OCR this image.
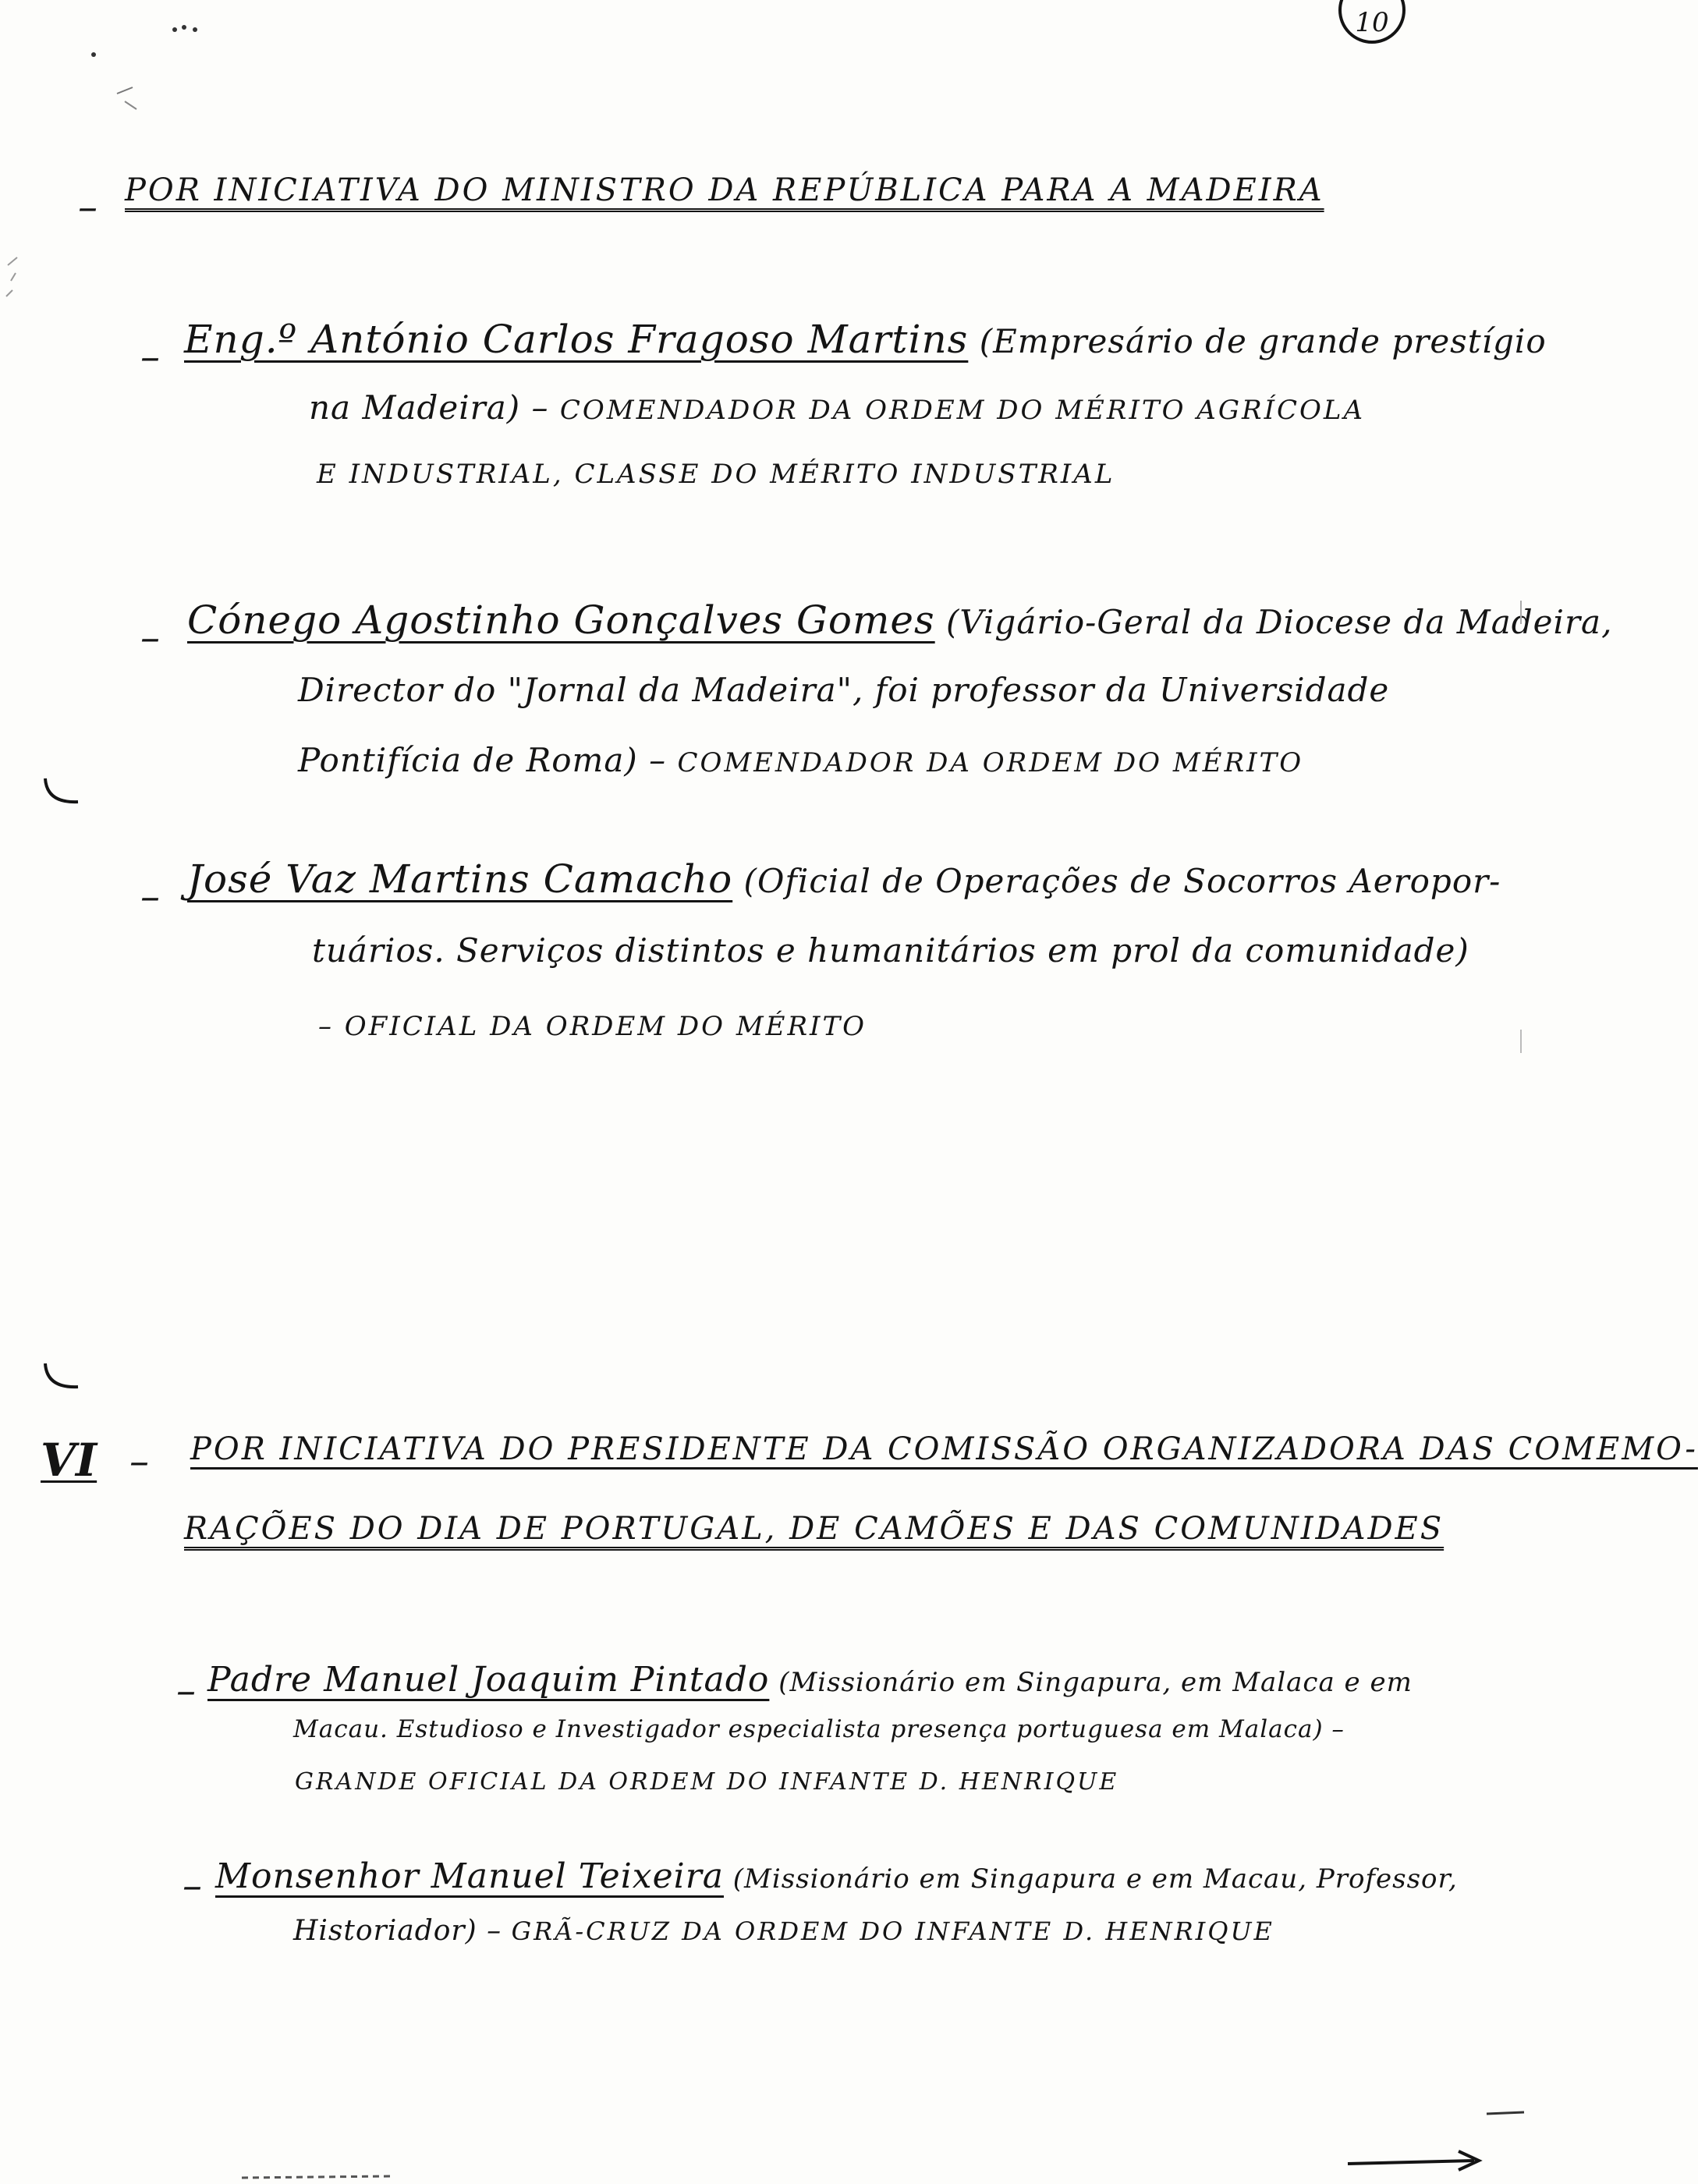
10
– POR INICIATIVA DO MINISTRO DA REPÚBLICA PARA A MADEIRA
– Eng.º António Carlos Fragoso Martins (Empresário de grande prestígio
na Madeira) – COMENDADOR DA ORDEM DO MÉRITO AGRÍCOLA
E INDUSTRIAL, CLASSE DO MÉRITO INDUSTRIAL
– Cónego Agostinho Gonçalves Gomes (Vigário-Geral da Diocese da Madeira,
Director do "Jornal da Madeira", foi professor da Universidade
Pontifícia de Roma) – COMENDADOR DA ORDEM DO MÉRITO
– José Vaz Martins Camacho (Oficial de Operações de Socorros Aeropor-
tuários. Serviços distintos e humanitários em prol da comunidade)
– OFICIAL DA ORDEM DO MÉRITO
VI – POR INICIATIVA DO PRESIDENTE DA COMISSÃO ORGANIZADORA DAS COMEMO-
RAÇÕES DO DIA DE PORTUGAL, DE CAMÕES E DAS COMUNIDADES
– Padre Manuel Joaquim Pintado (Missionário em Singapura, em Malaca e em
Macau. Estudioso e Investigador especialista presença portuguesa em Malaca) –
GRANDE OFICIAL DA ORDEM DO INFANTE D. HENRIQUE
– Monsenhor Manuel Teixeira (Missionário em Singapura e em Macau, Professor,
Historiador) – GRÃ-CRUZ DA ORDEM DO INFANTE D. HENRIQUE
